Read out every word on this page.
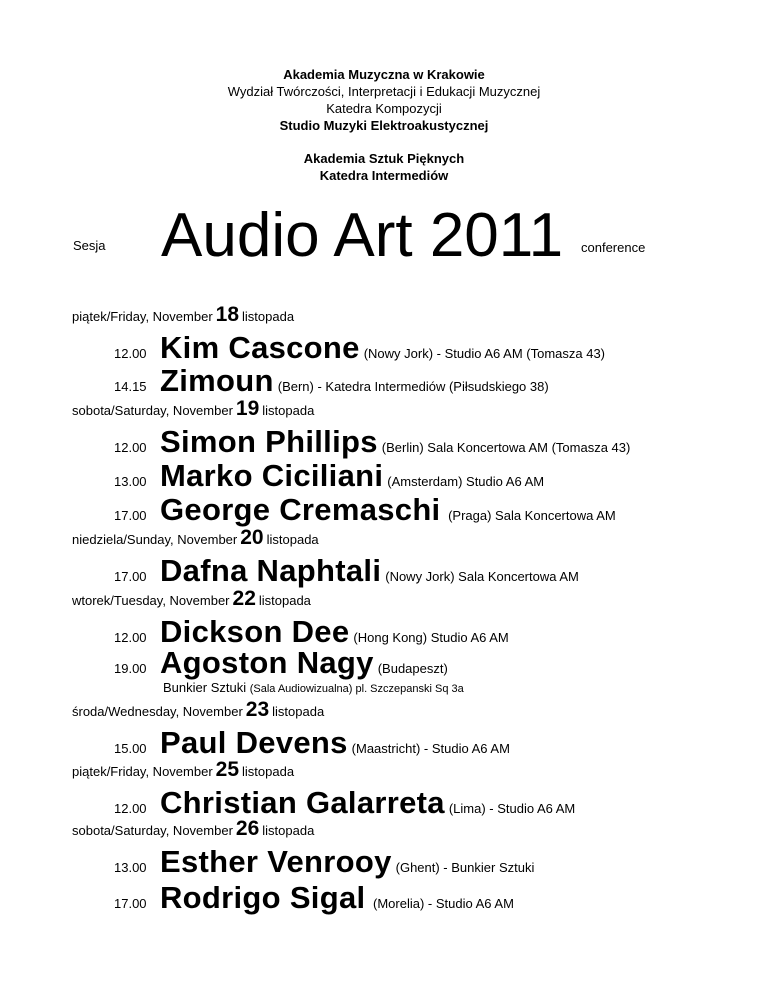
Akademia Muzyczna w Krakowie
Wydział Twórczości, Interpretacji i Edukacji Muzycznej
Katedra Kompozycji
Studio Muzyki Elektroakustycznej
Akademia Sztuk Pięknych
Katedra Intermediów
Sesja Audio Art 2011 conference
piątek/Friday, November 18 listopada
sobota/Saturday, November 19 listopada
niedziela/Sunday, November 20 listopada
wtorek/Tuesday, November 22 listopada
środa/Wednesday, November 23 listopada
piątek/Friday, November 25 listopada
sobota/Saturday, November 26 listopada
12.00 Kim Cascone (Nowy Jork) - Studio A6 AM (Tomasza 43)
14.15 Zimoun (Bern) - Katedra Intermediów (Piłsudskiego 38)
12.00 Simon Phillips (Berlin) Sala Koncertowa AM (Tomasza 43)
13.00 Marko Ciciliani (Amsterdam) Studio A6 AM
17.00 George Cremaschi (Praga) Sala Koncertowa AM
17.00 Dafna Naphtali (Nowy Jork) Sala Koncertowa AM
12.00 Dickson Dee (Hong Kong) Studio A6 AM
19.00 Agoston Nagy (Budapeszt)
Bunkier Sztuki (Sala Audiowizualna) pl. Szczepanski Sq 3a
15.00 Paul Devens (Maastricht) - Studio A6 AM
12.00 Christian Galarreta (Lima) - Studio A6 AM
13.00 Esther Venrooy (Ghent) - Bunkier Sztuki
17.00 Rodrigo Sigal (Morelia) - Studio A6 AM
